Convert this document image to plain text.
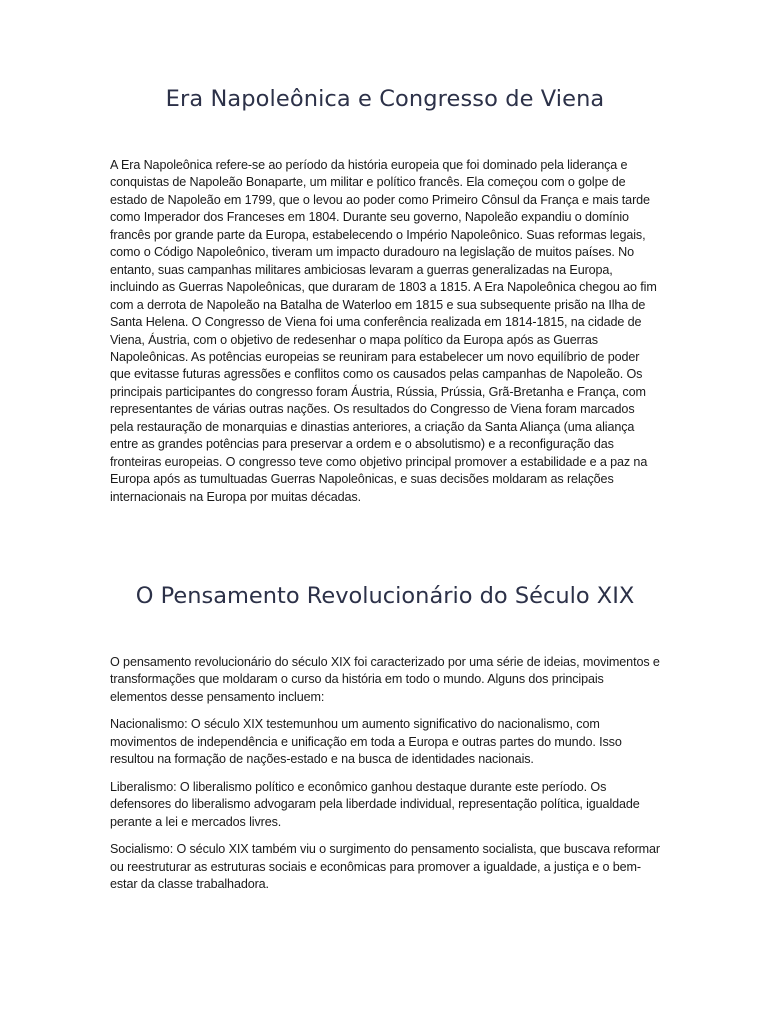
Era Napoleônica e Congresso de Viena

A Era Napoleônica refere-se ao período da história europeia que foi dominado pela liderança e conquistas de Napoleão Bonaparte, um militar e político francês. Ela começou com o golpe de estado de Napoleão em 1799, que o levou ao poder como Primeiro Cônsul da França e mais tarde como Imperador dos Franceses em 1804. Durante seu governo, Napoleão expandiu o domínio francês por grande parte da Europa, estabelecendo o Império Napoleônico. Suas reformas legais, como o Código Napoleônico, tiveram um impacto duradouro na legislação de muitos países. No entanto, suas campanhas militares ambiciosas levaram a guerras generalizadas na Europa, incluindo as Guerras Napoleônicas, que duraram de 1803 a 1815. A Era Napoleônica chegou ao fim com a derrota de Napoleão na Batalha de Waterloo em 1815 e sua subsequente prisão na Ilha de Santa Helena. O Congresso de Viena foi uma conferência realizada em 1814-1815, na cidade de Viena, Áustria, com o objetivo de redesenhar o mapa político da Europa após as Guerras Napoleônicas. As potências europeias se reuniram para estabelecer um novo equilíbrio de poder que evitasse futuras agressões e conflitos como os causados pelas campanhas de Napoleão. Os principais participantes do congresso foram Áustria, Rússia, Prússia, Grã-Bretanha e França, com representantes de várias outras nações. Os resultados do Congresso de Viena foram marcados pela restauração de monarquias e dinastias anteriores, a criação da Santa Aliança (uma aliança entre as grandes potências para preservar a ordem e o absolutismo) e a reconfiguração das fronteiras europeias. O congresso teve como objetivo principal promover a estabilidade e a paz na Europa após as tumultuadas Guerras Napoleônicas, e suas decisões moldaram as relações internacionais na Europa por muitas décadas.

O Pensamento Revolucionário do Século XIX

O pensamento revolucionário do século XIX foi caracterizado por uma série de ideias, movimentos e transformações que moldaram o curso da história em todo o mundo. Alguns dos principais elementos desse pensamento incluem:

Nacionalismo: O século XIX testemunhou um aumento significativo do nacionalismo, com movimentos de independência e unificação em toda a Europa e outras partes do mundo. Isso resultou na formação de nações-estado e na busca de identidades nacionais.

Liberalismo: O liberalismo político e econômico ganhou destaque durante este período. Os defensores do liberalismo advogaram pela liberdade individual, representação política, igualdade perante a lei e mercados livres.

Socialismo: O século XIX também viu o surgimento do pensamento socialista, que buscava reformar ou reestruturar as estruturas sociais e econômicas para promover a igualdade, a justiça e o bem-estar da classe trabalhadora.
